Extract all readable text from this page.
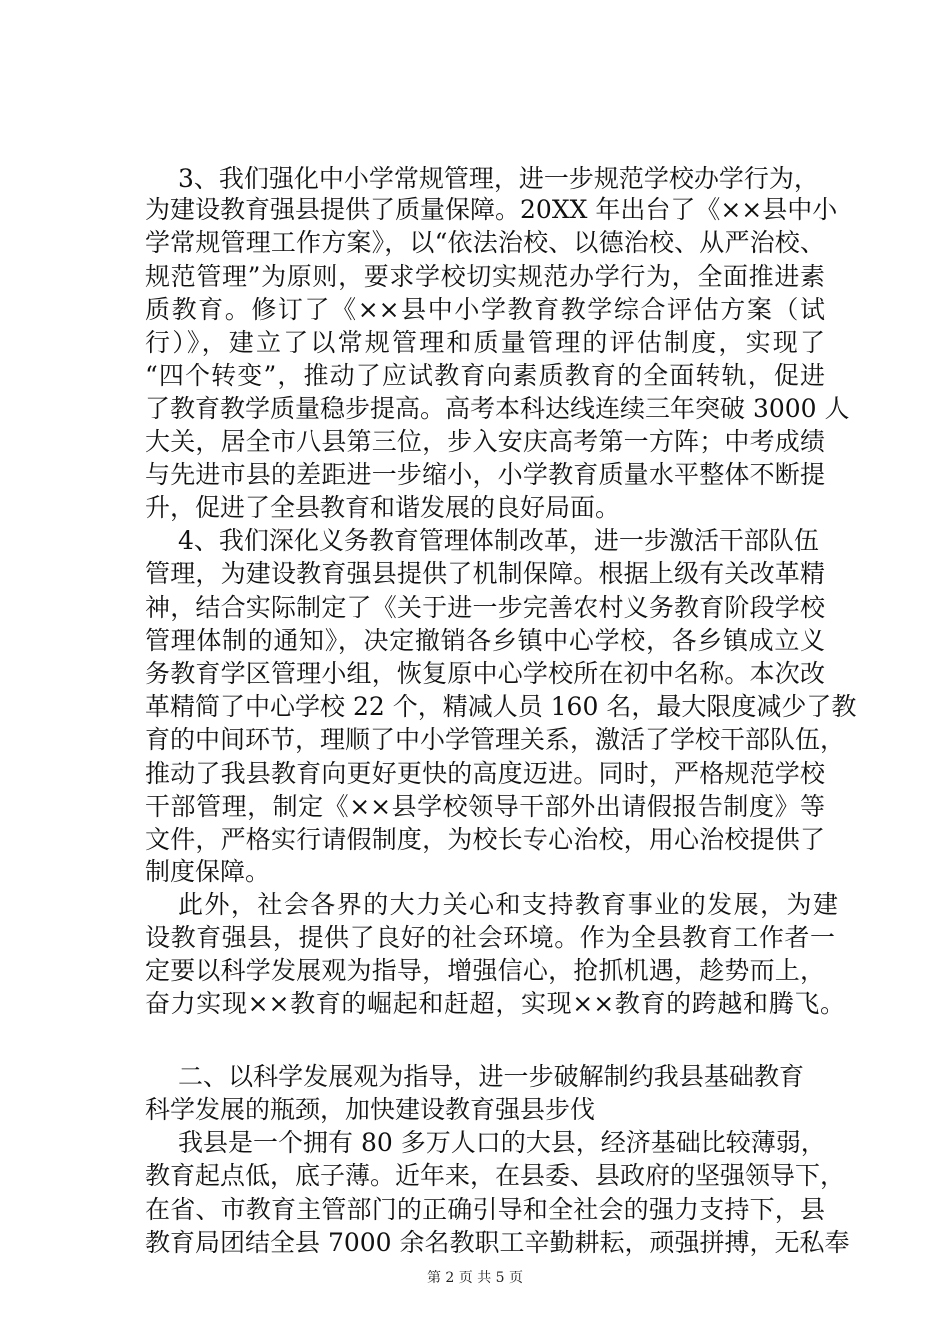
3、我们强化中小学常规管理，进一步规范学校办学行为，
为建设教育强县提供了质量保障。20XX 年出台了《××县中小
学常规管理工作方案》，以“依法治校、以德治校、从严治校、
规范管理”为原则，要求学校切实规范办学行为，全面推进素
质教育。修订了《××县中小学教育教学综合评估方案（试
行）》，建立了以常规管理和质量管理的评估制度，实现了
“四个转变”，推动了应试教育向素质教育的全面转轨，促进
了教育教学质量稳步提高。高考本科达线连续三年突破 3000 人
大关，居全市八县第三位，步入安庆高考第一方阵；中考成绩
与先进市县的差距进一步缩小，小学教育质量水平整体不断提
升，促进了全县教育和谐发展的良好局面。
4、我们深化义务教育管理体制改革，进一步激活干部队伍
管理，为建设教育强县提供了机制保障。根据上级有关改革精
神，结合实际制定了《关于进一步完善农村义务教育阶段学校
管理体制的通知》，决定撤销各乡镇中心学校，各乡镇成立义
务教育学区管理小组，恢复原中心学校所在初中名称。本次改
革精简了中心学校 22 个，精减人员 160 名，最大限度减少了教
育的中间环节，理顺了中小学管理关系，激活了学校干部队伍，
推动了我县教育向更好更快的高度迈进。同时，严格规范学校
干部管理，制定《××县学校领导干部外出请假报告制度》等
文件，严格实行请假制度，为校长专心治校，用心治校提供了
制度保障。
此外，社会各界的大力关心和支持教育事业的发展，为建
设教育强县，提供了良好的社会环境。作为全县教育工作者一
定要以科学发展观为指导，增强信心，抢抓机遇，趁势而上，
奋力实现××教育的崛起和赶超，实现××教育的跨越和腾飞。
二、以科学发展观为指导，进一步破解制约我县基础教育
科学发展的瓶颈，加快建设教育强县步伐
我县是一个拥有 80 多万人口的大县，经济基础比较薄弱，
教育起点低，底子薄。近年来，在县委、县政府的坚强领导下，
在省、市教育主管部门的正确引导和全社会的强力支持下，县
教育局团结全县 7000 余名教职工辛勤耕耘，顽强拼搏，无私奉
第 2 页 共 5 页
